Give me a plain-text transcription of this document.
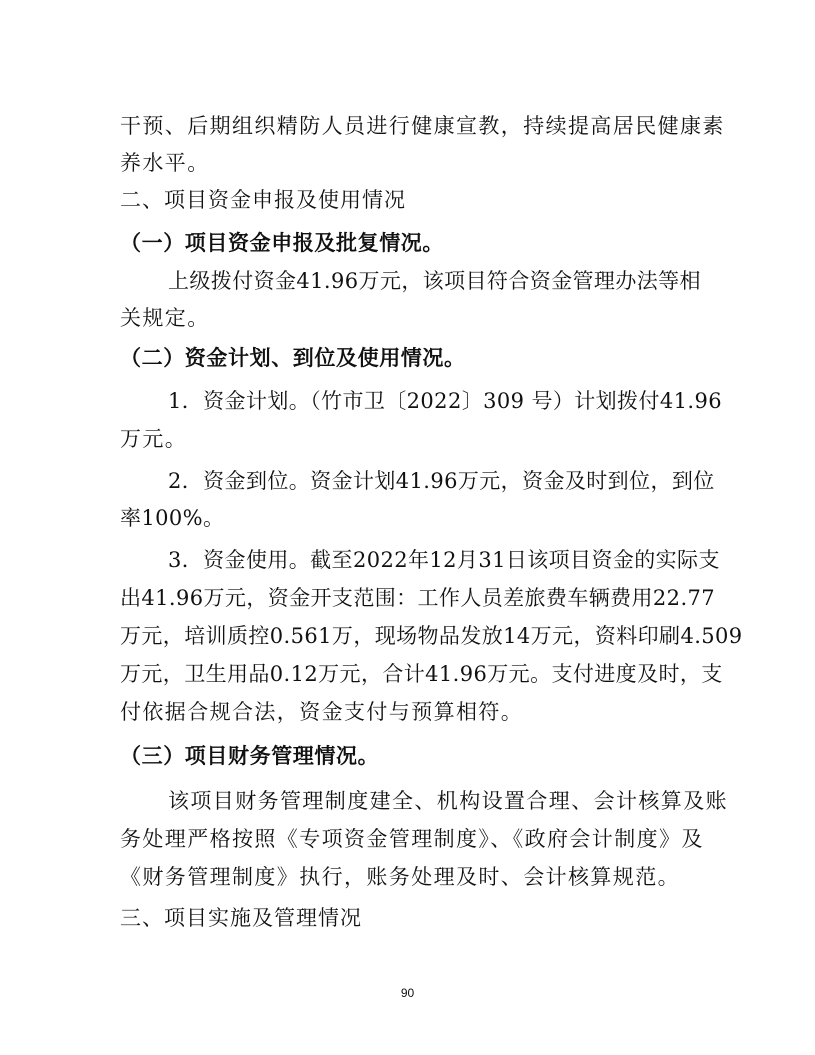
干预、后期组织精防人员进行健康宣教，持续提高居民健康素
养水平。
二、项目资金申报及使用情况
（一）项目资金申报及批复情况。
上级拨付资金41.96万元，该项目符合资金管理办法等相
关规定。
（二）资金计划、到位及使用情况。
1．资金计划。（竹市卫〔2022〕309 号）计划拨付41.96
万元。
2．资金到位。资金计划41.96万元，资金及时到位，到位
率100%。
3．资金使用。截至2022年12月31日该项目资金的实际支
出41.96万元，资金开支范围：工作人员差旅费车辆费用22.77
万元，培训质控0.561万，现场物品发放14万元，资料印刷4.509
万元，卫生用品0.12万元，合计41.96万元。支付进度及时，支
付依据合规合法，资金支付与预算相符。
（三）项目财务管理情况。
该项目财务管理制度建全、机构设置合理、会计核算及账
务处理严格按照《专项资金管理制度》、《政府会计制度》及
《财务管理制度》执行，账务处理及时、会计核算规范。
三、项目实施及管理情况
90
